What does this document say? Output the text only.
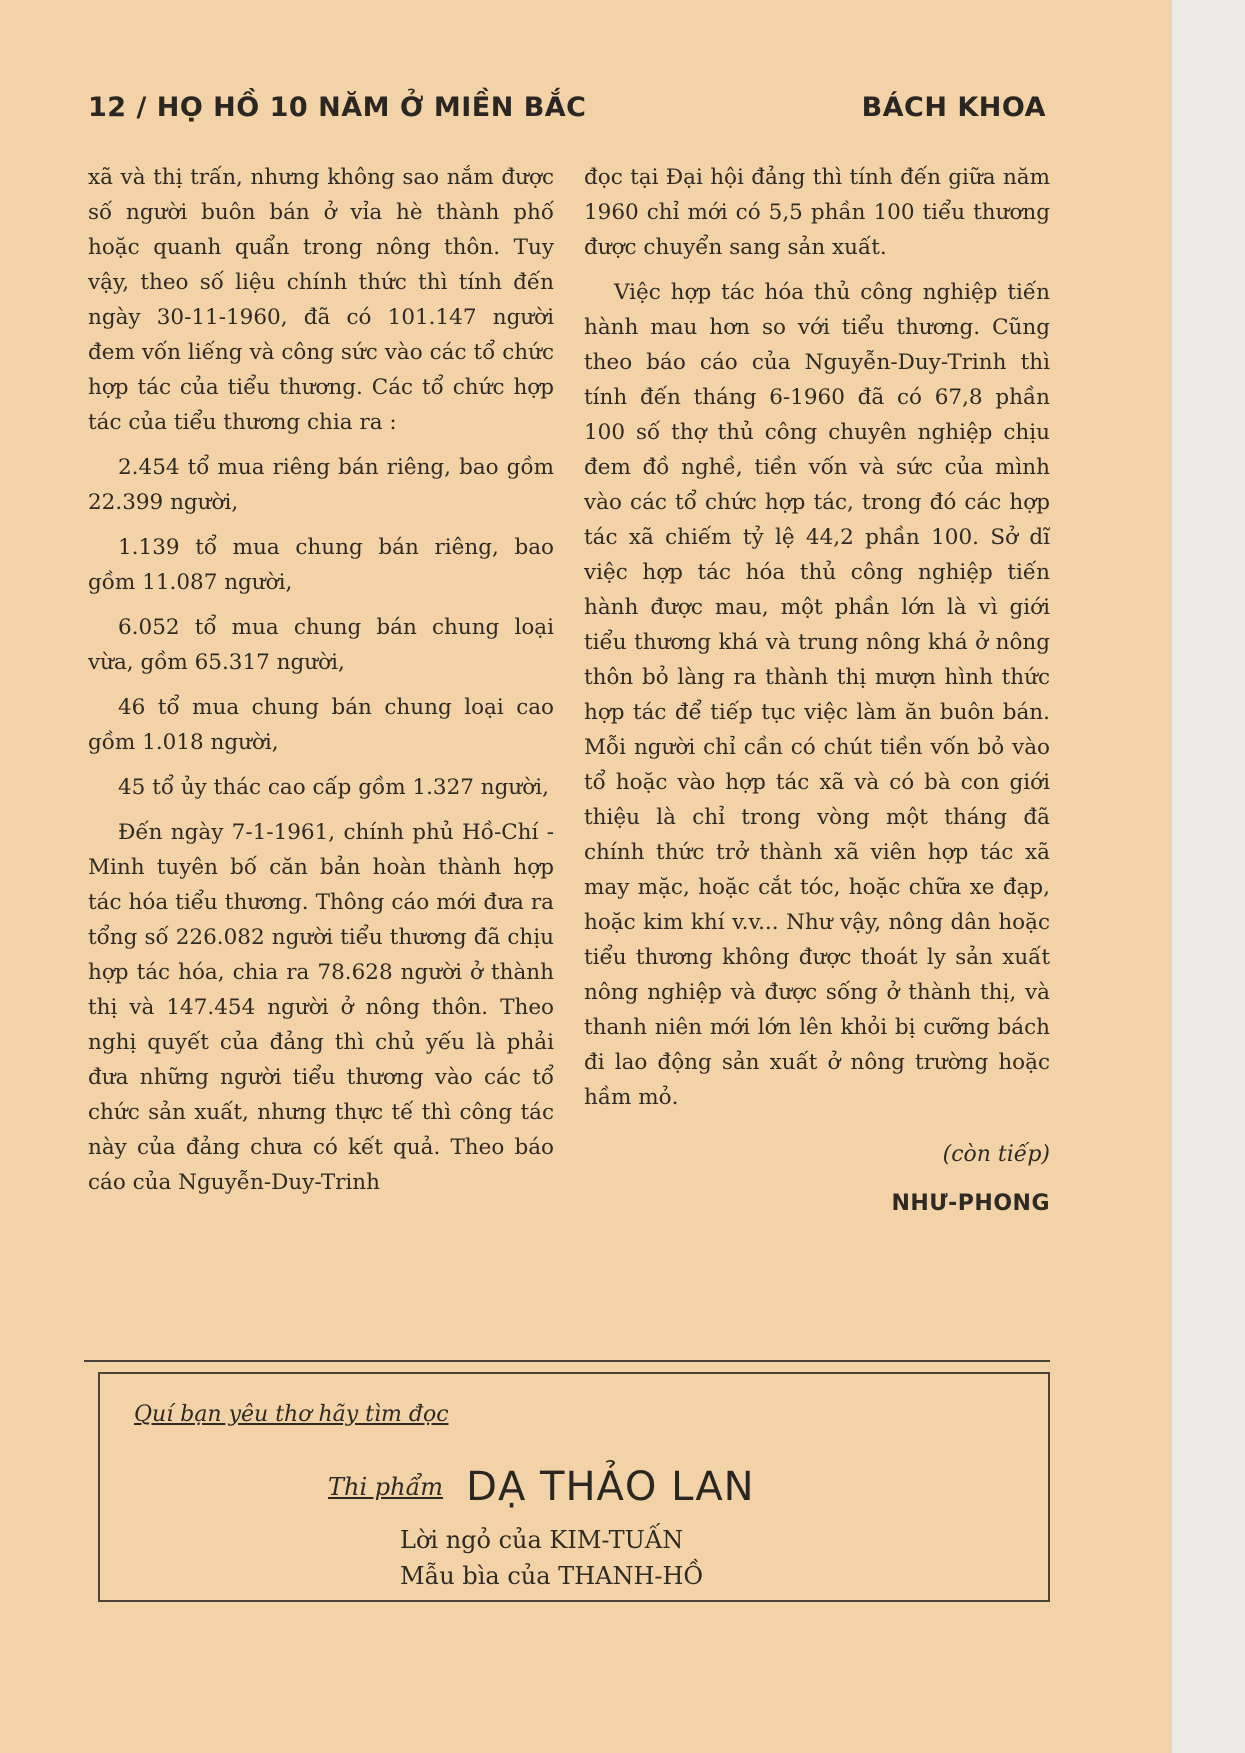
12 / HỌ HỒ 10 NĂM Ở MIỀN BẮC	BÁCH KHOA

xã và thị trấn, nhưng không sao nắm được số người buôn bán ở vỉa hè thành phố hoặc quanh quẩn trong nông thôn. Tuy vậy, theo số liệu chính thức thì tính đến ngày 30-11-1960, đã có 101.147 người đem vốn liếng và công sức vào các tổ chức hợp tác của tiểu thương. Các tổ chức hợp tác của tiểu thương chia ra :

2.454 tổ mua riêng bán riêng, bao gồm 22.399 người,

1.139 tổ mua chung bán riêng, bao gồm 11.087 người,

6.052 tổ mua chung bán chung loại vừa, gồm 65.317 người,

46 tổ mua chung bán chung loại cao gồm 1.018 người,

45 tổ ủy thác cao cấp gồm 1.327 người,

Đến ngày 7-1-1961, chính phủ Hồ-Chí - Minh tuyên bố căn bản hoàn thành hợp tác hóa tiểu thương. Thông cáo mới đưa ra tổng số 226.082 người tiểu thương đã chịu hợp tác hóa, chia ra 78.628 người ở thành thị và 147.454 người ở nông thôn. Theo nghị quyết của đảng thì chủ yếu là phải đưa những người tiểu thương vào các tổ chức sản xuất, nhưng thực tế thì công tác này của đảng chưa có kết quả. Theo báo cáo của Nguyễn-Duy-Trinh

đọc tại Đại hội đảng thì tính đến giữa năm 1960 chỉ mới có 5,5 phần 100 tiểu thương được chuyển sang sản xuất.

Việc hợp tác hóa thủ công nghiệp tiến hành mau hơn so với tiểu thương. Cũng theo báo cáo của Nguyễn-Duy-Trinh thì tính đến tháng 6-1960 đã có 67,8 phần 100 số thợ thủ công chuyên nghiệp chịu đem đồ nghề, tiền vốn và sức của mình vào các tổ chức hợp tác, trong đó các hợp tác xã chiếm tỷ lệ 44,2 phần 100. Sở dĩ việc hợp tác hóa thủ công nghiệp tiến hành được mau, một phần lớn là vì giới tiểu thương khá và trung nông khá ở nông thôn bỏ làng ra thành thị mượn hình thức hợp tác để tiếp tục việc làm ăn buôn bán. Mỗi người chỉ cần có chút tiền vốn bỏ vào tổ hoặc vào hợp tác xã và có bà con giới thiệu là chỉ trong vòng một tháng đã chính thức trở thành xã viên hợp tác xã may mặc, hoặc cắt tóc, hoặc chữa xe đạp, hoặc kim khí v.v... Như vậy, nông dân hoặc tiểu thương không được thoát ly sản xuất nông nghiệp và được sống ở thành thị, và thanh niên mới lớn lên khỏi bị cưỡng bách đi lao động sản xuất ở nông trường hoặc hầm mỏ.

(còn tiếp)
NHƯ-PHONG
Quí bạn yêu thơ hãy tìm đọc
Thi phẩm DẠ THẢO LAN
Lời ngỏ của KIM-TUẤN
Mẫu bìa của THANH-HỒ
